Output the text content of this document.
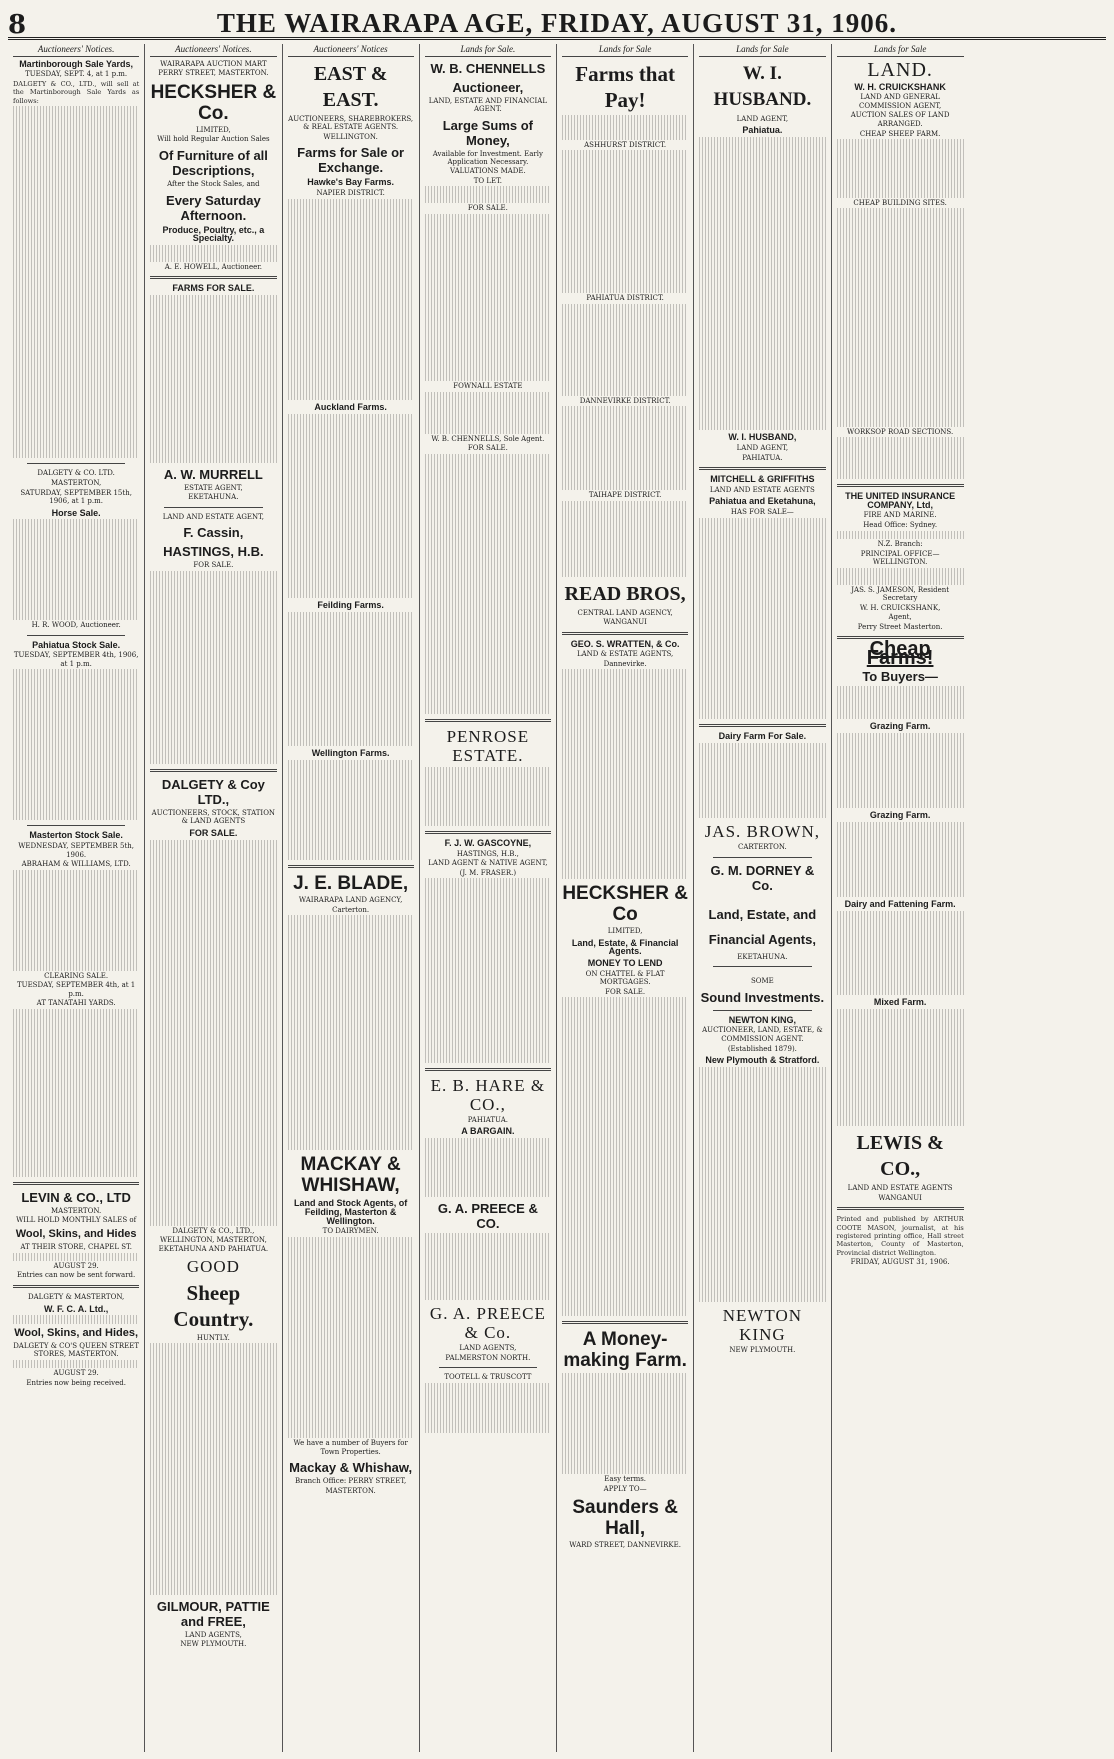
8	THE WAIRARAPA AGE, FRIDAY, AUGUST 31, 1906.
Auctioneers' Notices.
Martinborough Sale Yards,
TUESDAY, SEPT. 4, at 1 p.m.
DALGETY & CO., LTD., will sell at the Martinborough Sale Yards as follows:
DALGETY & CO. LTD.
MASTERTON,
SATURDAY, SEPTEMBER 15th, 1906, at 1 p.m.
Horse Sale.
H. R. WOOD, Auctioneer.
Pahiatua Stock Sale.
TUESDAY, SEPTEMBER 4th, 1906, at 1 p.m.
Masterton Stock Sale.
WEDNESDAY, SEPTEMBER 5th, 1906.
ABRAHAM & WILLIAMS, LTD.
CLEARING SALE.
TUESDAY, SEPTEMBER 4th, at 1 p.m.
AT TANATAHI YARDS.
LEVIN & CO., LTD
MASTERTON.
WILL HOLD MONTHLY SALES of
Wool, Skins, and Hides
AT THEIR STORE, CHAPEL ST.
AUGUST 29.
Entries can now be sent forward.
DALGETY & MASTERTON,
W. F. C. A. Ltd.,
Wool, Skins, and Hides,
DALGETY & CO'S QUEEN STREET STORES, MASTERTON.
AUGUST 29.
Entries now being received.
Auctioneers' Notices.
WAIRARAPA AUCTION MART
PERRY STREET, MASTERTON.
HECKSHER & Co.
LIMITED,
Will hold Regular Auction Sales
Of Furniture of all Descriptions,
After the Stock Sales, and
Every Saturday Afternoon.
Produce, Poultry, etc., a Specialty.
A. E. HOWELL, Auctioneer.
FARMS FOR SALE.
A. W. MURRELL
ESTATE AGENT,
EKETAHUNA.
LAND AND ESTATE AGENT,
F. Cassin,
HASTINGS, H.B.
FOR SALE.
DALGETY & Coy LTD.,
AUCTIONEERS, STOCK, STATION & LAND AGENTS
FOR SALE.
DALGETY & CO., LTD.,
WELLINGTON, MASTERTON, EKETAHUNA AND PAHIATUA.
GOOD
Sheep Country.
HUNTLY.
GILMOUR, PATTIE and FREE,
LAND AGENTS,
NEW PLYMOUTH.
Auctioneers' Notices
EAST & EAST.
AUCTIONEERS, SHAREBROKERS, & REAL ESTATE AGENTS.
WELLINGTON.
Farms for Sale or Exchange.
Hawke's Bay Farms.
NAPIER DISTRICT.
Auckland Farms.
Feilding Farms.
Wellington Farms.
J. E. BLADE,
WAIRARAPA LAND AGENCY,
Carterton.
MACKAY & WHISHAW,
Land and Stock Agents, of Feilding, Masterton & Wellington.
TO DAIRYMEN.
We have a number of Buyers for Town Properties.
Mackay & Whishaw,
Branch Office: PERRY STREET,
MASTERTON.
Lands for Sale.
W. B. CHENNELLS
Auctioneer,
LAND, ESTATE AND FINANCIAL AGENT.
Large Sums of Money,
Available for Investment. Early Application Necessary. VALUATIONS MADE.
TO LET.
FOR SALE.
FOWNALL ESTATE
W. B. CHENNELLS, Sole Agent.
FOR SALE.
PENROSE ESTATE.
F. J. W. GASCOYNE,
HASTINGS, H.B.,
LAND AGENT & NATIVE AGENT,
(J. M. FRASER.)
E. B. HARE & CO.,
PAHIATUA.
A BARGAIN.
G. A. PREECE & CO.
G. A. PREECE & Co.
LAND AGENTS,
PALMERSTON NORTH.
TOOTELL & TRUSCOTT
Lands for Sale
Farms that Pay!
ASHHURST DISTRICT.
PAHIATUA DISTRICT.
DANNEVIRKE DISTRICT.
TAIHAPE DISTRICT.
READ BROS,
CENTRAL LAND AGENCY,
WANGANUI
GEO. S. WRATTEN, & Co.
LAND & ESTATE AGENTS,
Dannevirke.
HECKSHER & Co
LIMITED,
Land, Estate, & Financial Agents.
MONEY TO LEND
ON CHATTEL & FLAT MORTGAGES.
FOR SALE.
A Money-making Farm.
Easy terms.
APPLY TO—
Saunders & Hall,
WARD STREET, DANNEVIRKE.
Lands for Sale
W. I. HUSBAND.
LAND AGENT,
Pahiatua.
W. I. HUSBAND,
LAND AGENT,
PAHIATUA.
MITCHELL & GRIFFITHS
LAND AND ESTATE AGENTS
Pahiatua and Eketahuna,
HAS FOR SALE—
Dairy Farm For Sale.
JAS. BROWN,
CARTERTON.
G. M. DORNEY & Co.
Land, Estate, and
Financial Agents,
EKETAHUNA.
SOME
Sound Investments.
NEWTON KING,
AUCTIONEER, LAND, ESTATE, & COMMISSION AGENT.
(Established 1879).
New Plymouth & Stratford.
NEWTON KING
NEW PLYMOUTH.
Lands for Sale
LAND.
W. H. CRUICKSHANK
LAND AND GENERAL COMMISSION AGENT,
AUCTION SALES OF LAND ARRANGED.
CHEAP SHEEP FARM.
CHEAP BUILDING SITES.
WORKSOP ROAD SECTIONS.
THE UNITED INSURANCE COMPANY, Ltd,
FIRE AND MARINE.
Head Office: Sydney.
N.Z. Branch:
PRINCIPAL OFFICE—WELLINGTON.
JAS. S. JAMESON, Resident Secretary
W. H. CRUICKSHANK,
Agent,
Perry Street Masterton.
Cheap Farms!
To Buyers—
Grazing Farm.
Grazing Farm.
Dairy and Fattening Farm.
Mixed Farm.
LEWIS & CO.,
LAND AND ESTATE AGENTS
WANGANUI
Printed and published by ARTHUR COOTE MASON, journalist, at his registered printing office, Hall street Masterton, County of Masterton, Provincial district Wellington.
FRIDAY, AUGUST 31, 1906.
